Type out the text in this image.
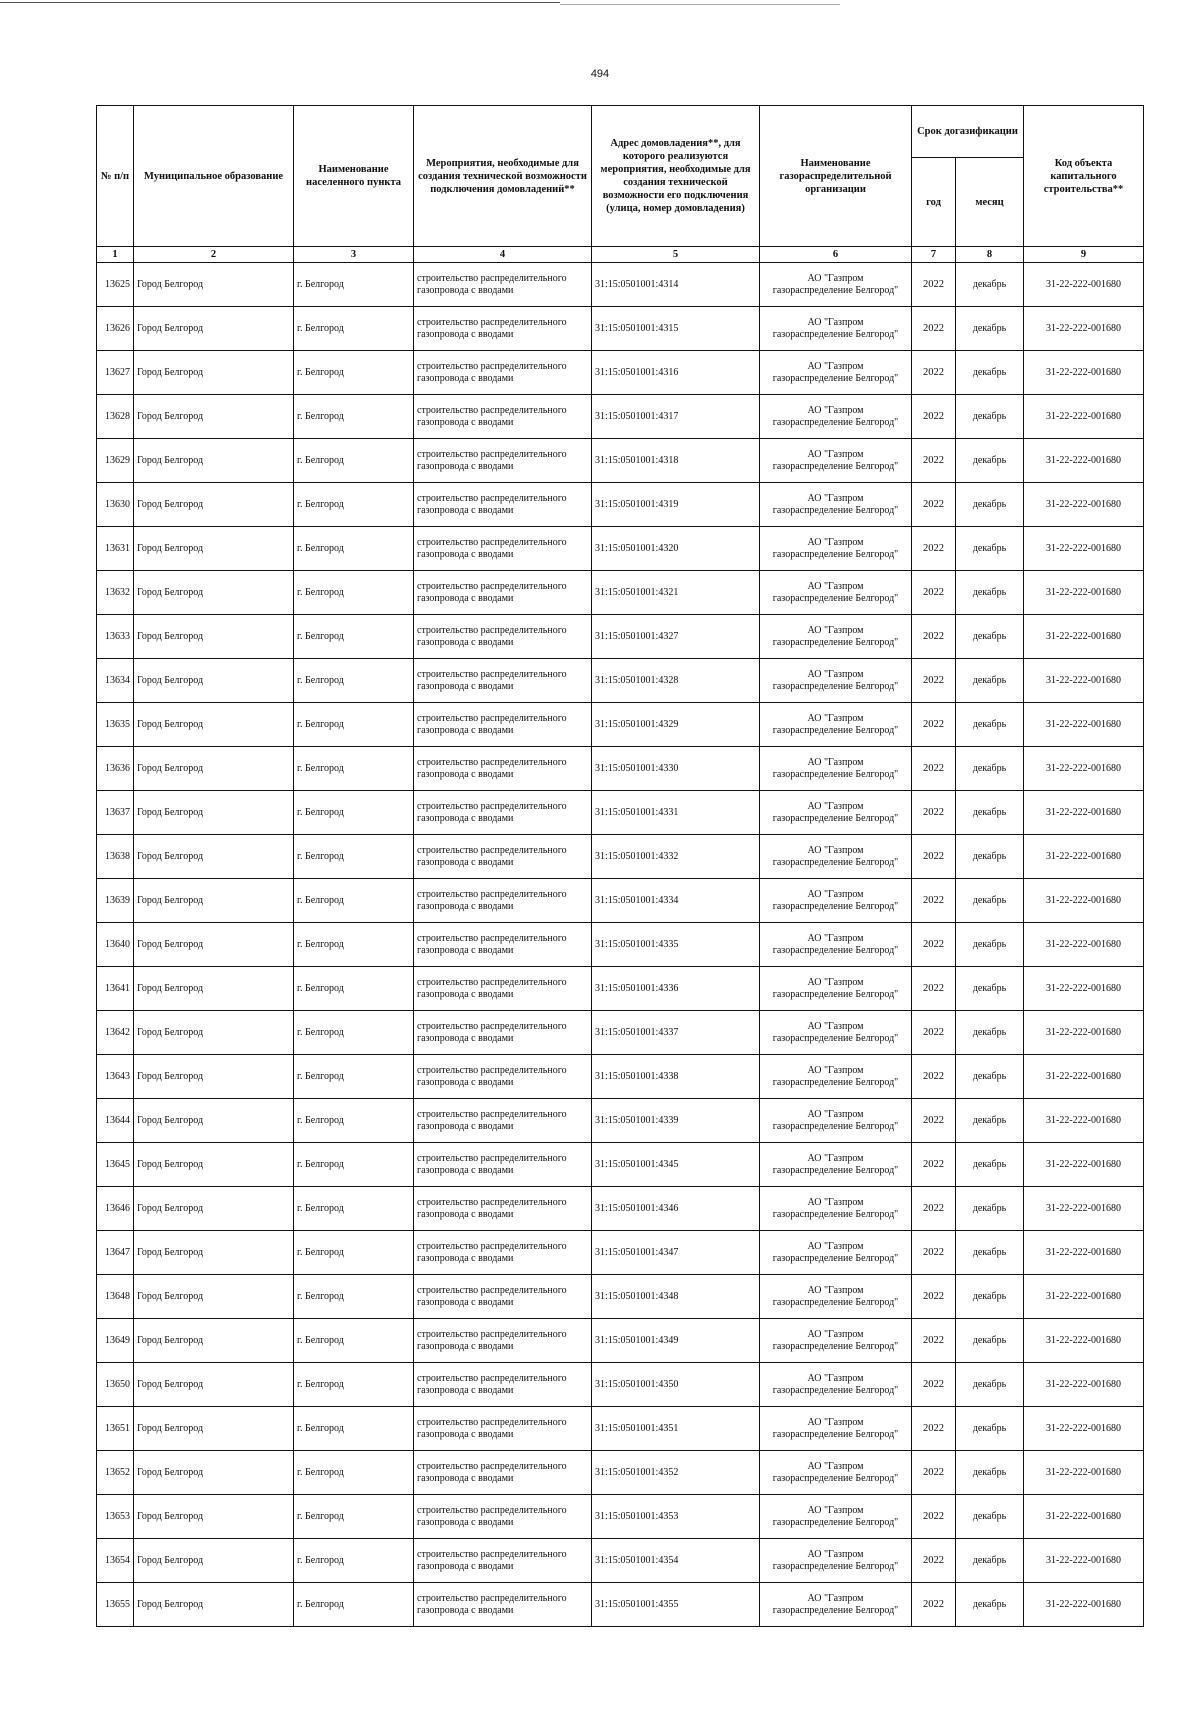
494
№ п/п	Муниципальное образование	Наименование населенного пункта	Мероприятия, необходимые для создания технической возможности подключения домовладений**	Адрес домовладения**, для которого реализуются мероприятия, необходимые для создания технической возможности его подключения (улица, номер домовладения)	Наименование газораспределительной организации	Срок догазификации		Код объекта капитального строительства**
						год	месяц	
1	2	3	4	5	6	7	8	9
13625	Город Белгород	г. Белгород	строительство распределительного газопровода с вводами	31:15:0501001:4314	АО "Газпром
газораспределение Белгород"	2022	декабрь	31-22-222-001680
13626	Город Белгород	г. Белгород	строительство распределительного газопровода с вводами	31:15:0501001:4315	АО "Газпром
газораспределение Белгород"	2022	декабрь	31-22-222-001680
13627	Город Белгород	г. Белгород	строительство распределительного газопровода с вводами	31:15:0501001:4316	АО "Газпром
газораспределение Белгород"	2022	декабрь	31-22-222-001680
13628	Город Белгород	г. Белгород	строительство распределительного газопровода с вводами	31:15:0501001:4317	АО "Газпром
газораспределение Белгород"	2022	декабрь	31-22-222-001680
13629	Город Белгород	г. Белгород	строительство распределительного газопровода с вводами	31:15:0501001:4318	АО "Газпром
газораспределение Белгород"	2022	декабрь	31-22-222-001680
13630	Город Белгород	г. Белгород	строительство распределительного газопровода с вводами	31:15:0501001:4319	АО "Газпром
газораспределение Белгород"	2022	декабрь	31-22-222-001680
13631	Город Белгород	г. Белгород	строительство распределительного газопровода с вводами	31:15:0501001:4320	АО "Газпром
газораспределение Белгород"	2022	декабрь	31-22-222-001680
13632	Город Белгород	г. Белгород	строительство распределительного газопровода с вводами	31:15:0501001:4321	АО "Газпром
газораспределение Белгород"	2022	декабрь	31-22-222-001680
13633	Город Белгород	г. Белгород	строительство распределительного газопровода с вводами	31:15:0501001:4327	АО "Газпром
газораспределение Белгород"	2022	декабрь	31-22-222-001680
13634	Город Белгород	г. Белгород	строительство распределительного газопровода с вводами	31:15:0501001:4328	АО "Газпром
газораспределение Белгород"	2022	декабрь	31-22-222-001680
13635	Город Белгород	г. Белгород	строительство распределительного газопровода с вводами	31:15:0501001:4329	АО "Газпром
газораспределение Белгород"	2022	декабрь	31-22-222-001680
13636	Город Белгород	г. Белгород	строительство распределительного газопровода с вводами	31:15:0501001:4330	АО "Газпром
газораспределение Белгород"	2022	декабрь	31-22-222-001680
13637	Город Белгород	г. Белгород	строительство распределительного газопровода с вводами	31:15:0501001:4331	АО "Газпром
газораспределение Белгород"	2022	декабрь	31-22-222-001680
13638	Город Белгород	г. Белгород	строительство распределительного газопровода с вводами	31:15:0501001:4332	АО "Газпром
газораспределение Белгород"	2022	декабрь	31-22-222-001680
13639	Город Белгород	г. Белгород	строительство распределительного газопровода с вводами	31:15:0501001:4334	АО "Газпром
газораспределение Белгород"	2022	декабрь	31-22-222-001680
13640	Город Белгород	г. Белгород	строительство распределительного газопровода с вводами	31:15:0501001:4335	АО "Газпром
газораспределение Белгород"	2022	декабрь	31-22-222-001680
13641	Город Белгород	г. Белгород	строительство распределительного газопровода с вводами	31:15:0501001:4336	АО "Газпром
газораспределение Белгород"	2022	декабрь	31-22-222-001680
13642	Город Белгород	г. Белгород	строительство распределительного газопровода с вводами	31:15:0501001:4337	АО "Газпром
газораспределение Белгород"	2022	декабрь	31-22-222-001680
13643	Город Белгород	г. Белгород	строительство распределительного газопровода с вводами	31:15:0501001:4338	АО "Газпром
газораспределение Белгород"	2022	декабрь	31-22-222-001680
13644	Город Белгород	г. Белгород	строительство распределительного газопровода с вводами	31:15:0501001:4339	АО "Газпром
газораспределение Белгород"	2022	декабрь	31-22-222-001680
13645	Город Белгород	г. Белгород	строительство распределительного газопровода с вводами	31:15:0501001:4345	АО "Газпром
газораспределение Белгород"	2022	декабрь	31-22-222-001680
13646	Город Белгород	г. Белгород	строительство распределительного газопровода с вводами	31:15:0501001:4346	АО "Газпром
газораспределение Белгород"	2022	декабрь	31-22-222-001680
13647	Город Белгород	г. Белгород	строительство распределительного газопровода с вводами	31:15:0501001:4347	АО "Газпром
газораспределение Белгород"	2022	декабрь	31-22-222-001680
13648	Город Белгород	г. Белгород	строительство распределительного газопровода с вводами	31:15:0501001:4348	АО "Газпром
газораспределение Белгород"	2022	декабрь	31-22-222-001680
13649	Город Белгород	г. Белгород	строительство распределительного газопровода с вводами	31:15:0501001:4349	АО "Газпром
газораспределение Белгород"	2022	декабрь	31-22-222-001680
13650	Город Белгород	г. Белгород	строительство распределительного газопровода с вводами	31:15:0501001:4350	АО "Газпром
газораспределение Белгород"	2022	декабрь	31-22-222-001680
13651	Город Белгород	г. Белгород	строительство распределительного газопровода с вводами	31:15:0501001:4351	АО "Газпром
газораспределение Белгород"	2022	декабрь	31-22-222-001680
13652	Город Белгород	г. Белгород	строительство распределительного газопровода с вводами	31:15:0501001:4352	АО "Газпром
газораспределение Белгород"	2022	декабрь	31-22-222-001680
13653	Город Белгород	г. Белгород	строительство распределительного газопровода с вводами	31:15:0501001:4353	АО "Газпром
газораспределение Белгород"	2022	декабрь	31-22-222-001680
13654	Город Белгород	г. Белгород	строительство распределительного газопровода с вводами	31:15:0501001:4354	АО "Газпром
газораспределение Белгород"	2022	декабрь	31-22-222-001680
13655	Город Белгород	г. Белгород	строительство распределительного газопровода с вводами	31:15:0501001:4355	АО "Газпром
газораспределение Белгород"	2022	декабрь	31-22-222-001680
